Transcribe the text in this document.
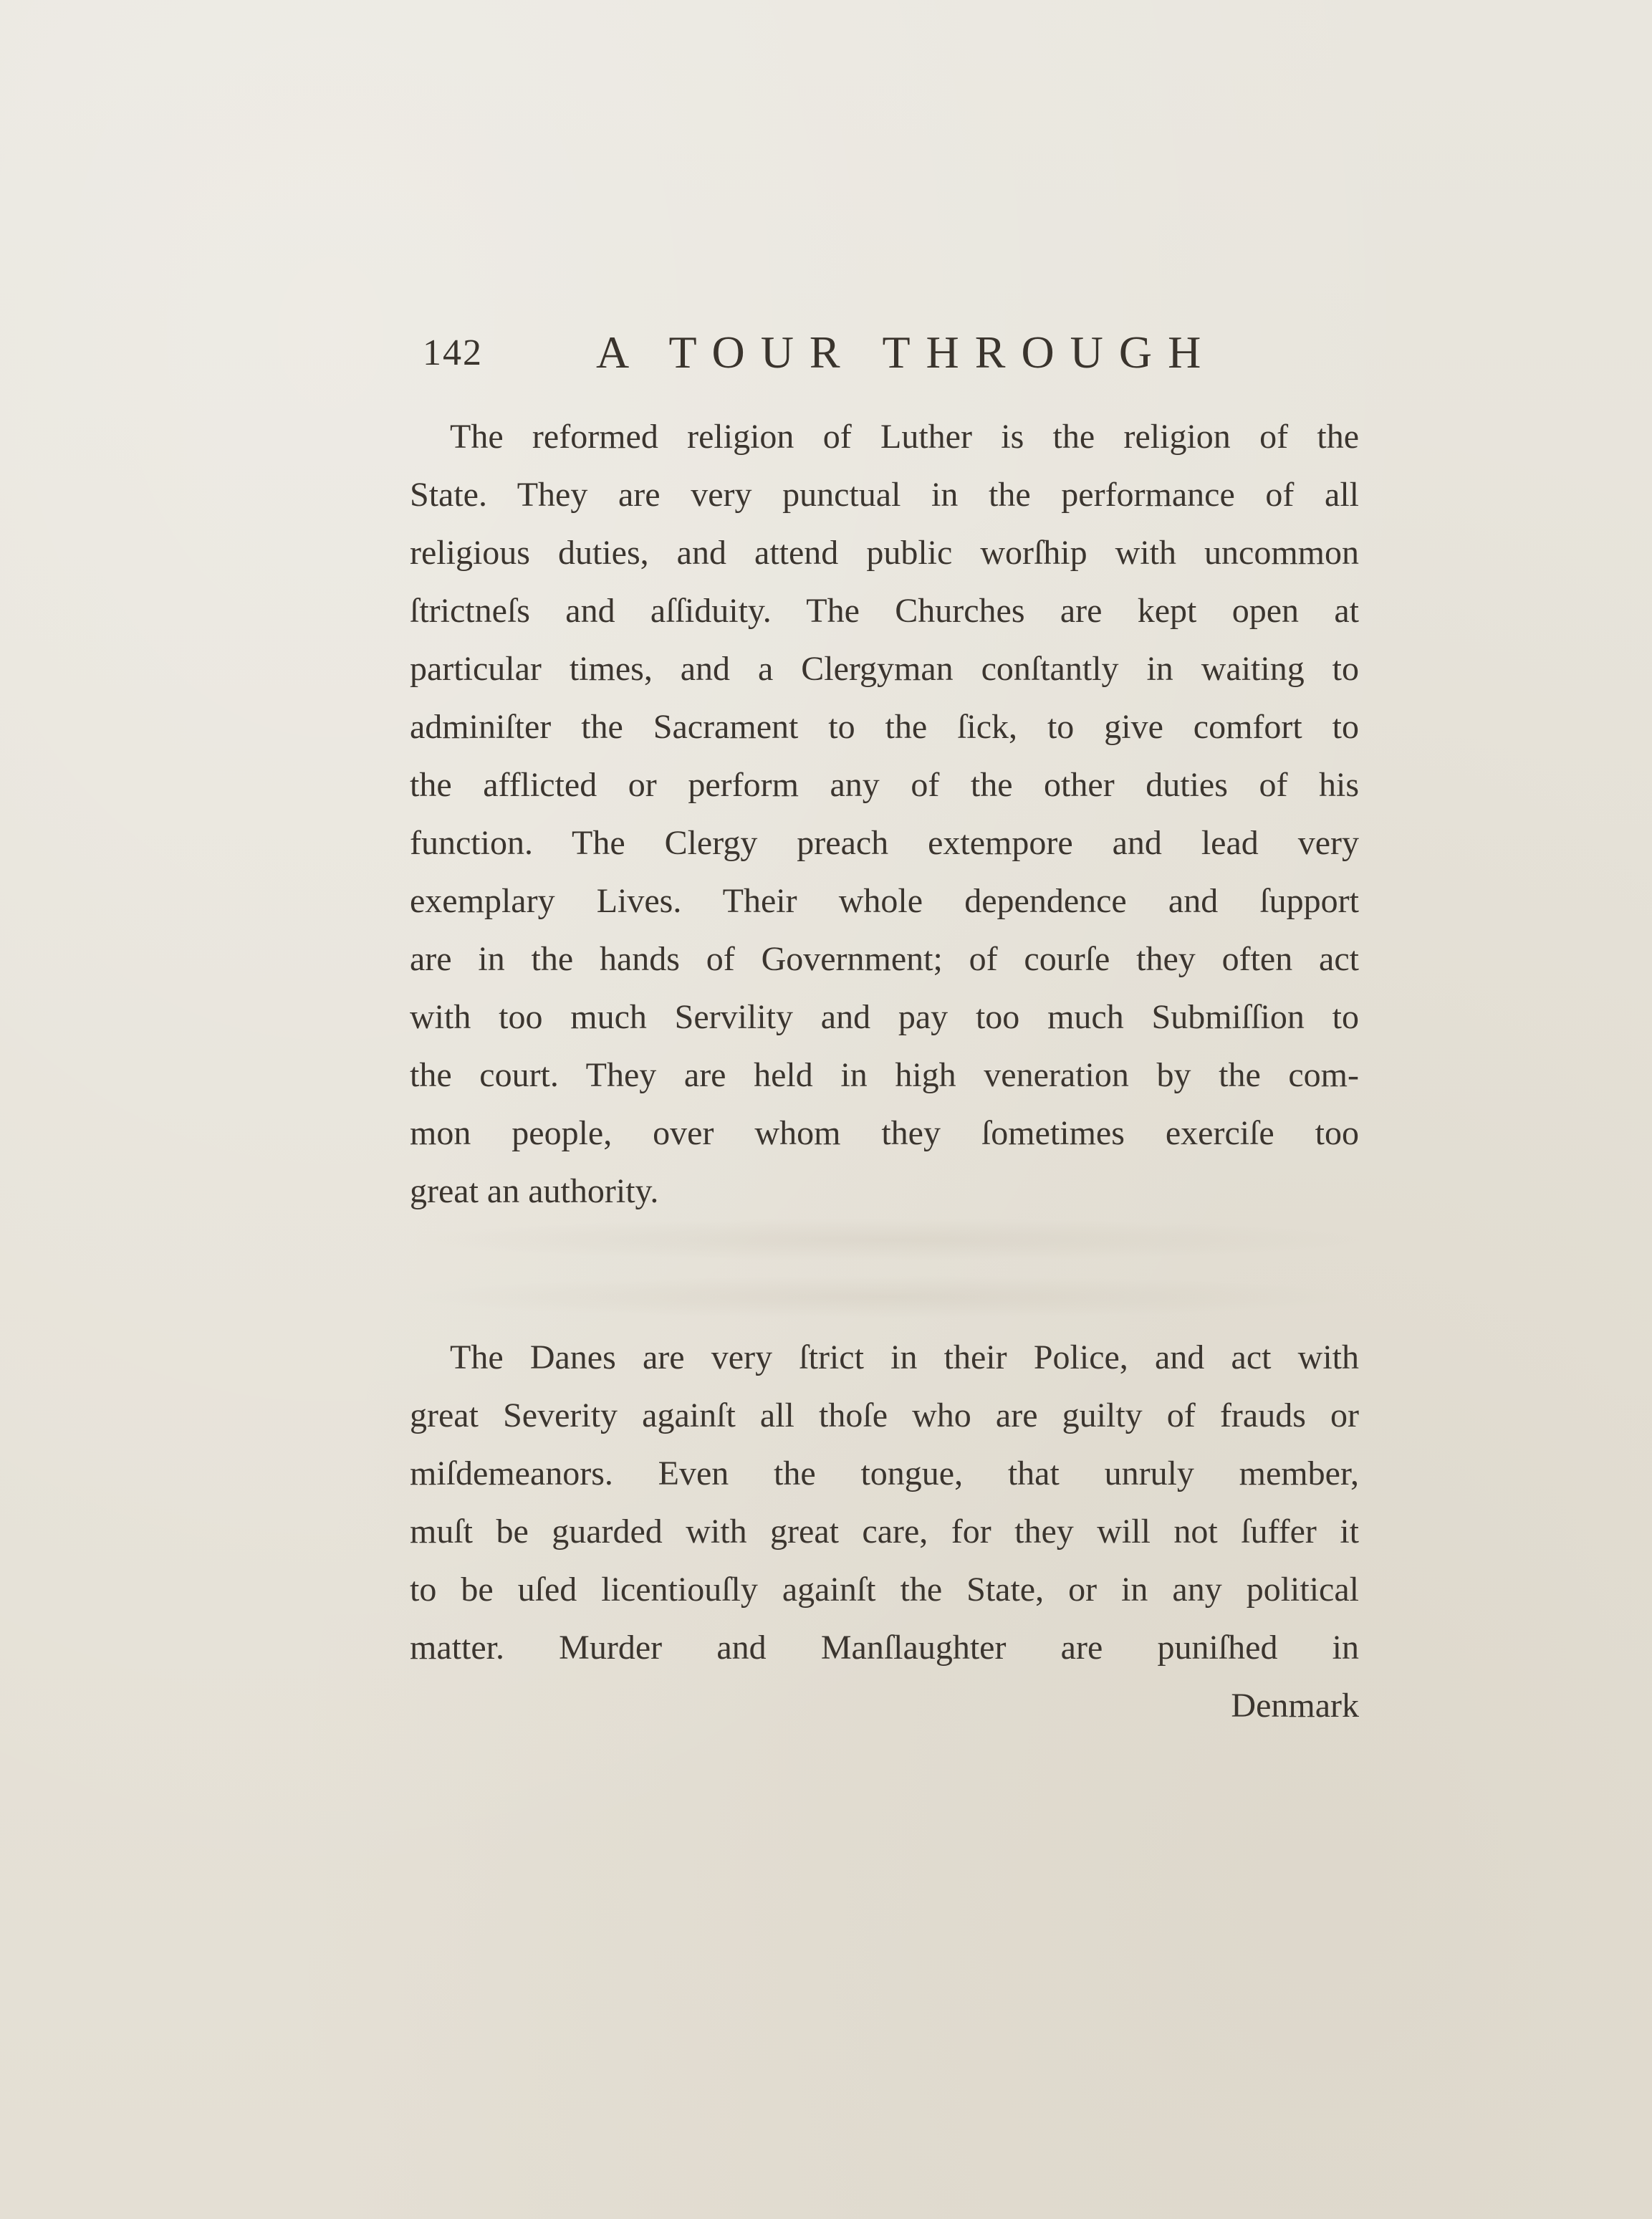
142 A TOUR THROUGH
The reformed religion of Luther is the religion of the
State. They are very punctual in the performance of all
religious duties, and attend public worſhip with uncommon
ſtrictneſs and aſſiduity. The Churches are kept open at
particular times, and a Clergyman conſtantly in waiting to
adminiſter the Sacrament to the ſick, to give comfort to
the afflicted or perform any of the other duties of his
function. The Clergy preach extempore and lead very
exemplary Lives. Their whole dependence and ſupport
are in the hands of Government; of courſe they often act
with too much Servility and pay too much Submiſſion to
the court. They are held in high veneration by the com-
mon people, over whom they ſometimes exerciſe too
great an authority.
The Danes are very ſtrict in their Police, and act with
great Severity againſt all thoſe who are guilty of frauds or
miſdemeanors. Even the tongue, that unruly member,
muſt be guarded with great care, for they will not ſuffer it
to be uſed licentiouſly againſt the State, or in any political
matter. Murder and Manſlaughter are puniſhed in
Denmark
